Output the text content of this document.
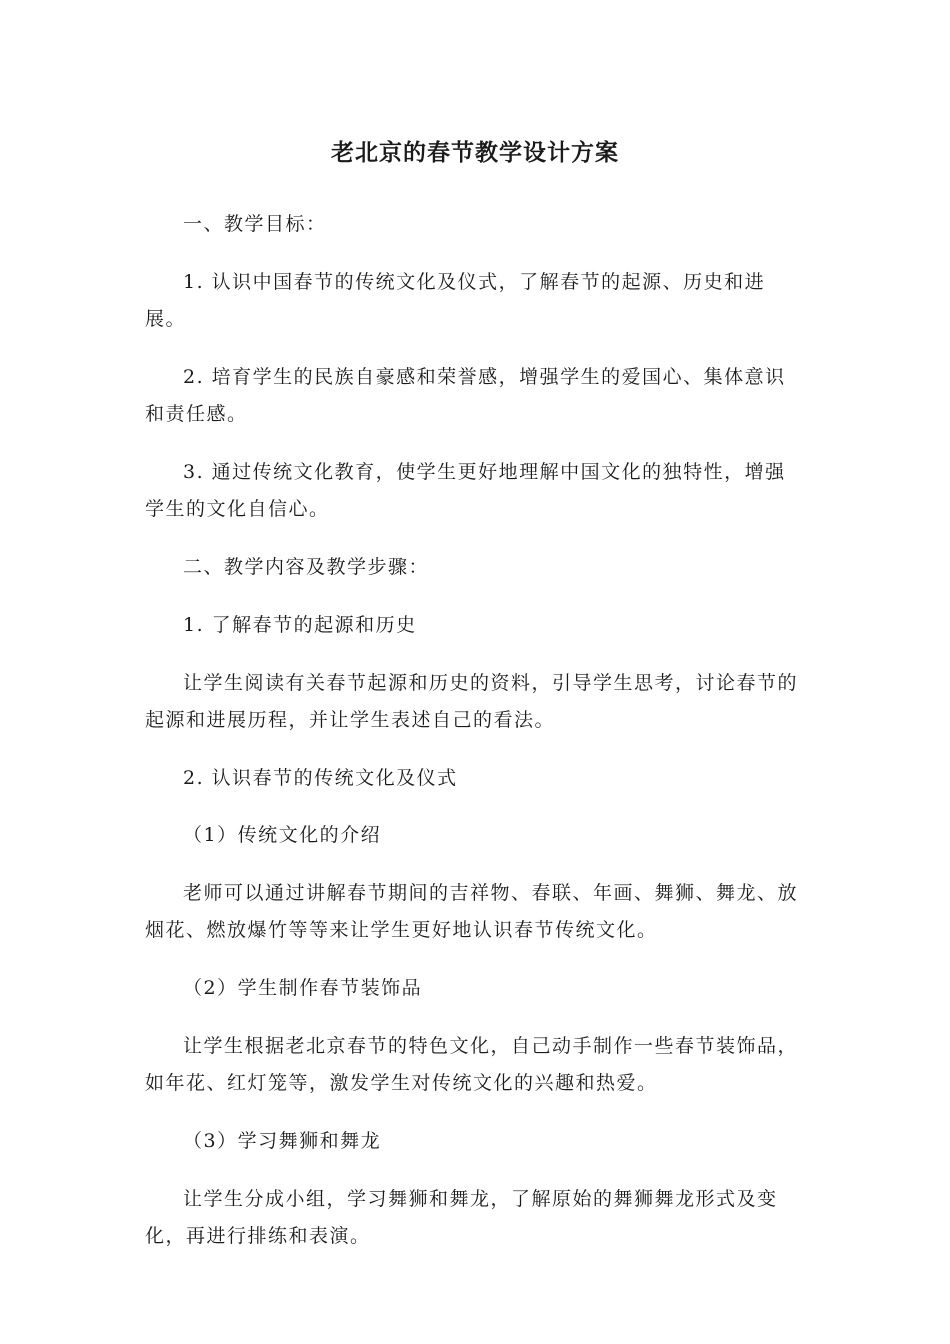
老北京的春节教学设计方案

一、教学目标：

1. 认识中国春节的传统文化及仪式，了解春节的起源、历史和进展。

2. 培育学生的民族自豪感和荣誉感，增强学生的爱国心、集体意识和责任感。

3. 通过传统文化教育，使学生更好地理解中国文化的独特性，增强学生的文化自信心。

二、教学内容及教学步骤：

1. 了解春节的起源和历史

让学生阅读有关春节起源和历史的资料，引导学生思考，讨论春节的起源和进展历程，并让学生表述自己的看法。

2. 认识春节的传统文化及仪式

（1）传统文化的介绍

老师可以通过讲解春节期间的吉祥物、春联、年画、舞狮、舞龙、放烟花、燃放爆竹等等来让学生更好地认识春节传统文化。

（2）学生制作春节装饰品

让学生根据老北京春节的特色文化，自己动手制作一些春节装饰品，如年花、红灯笼等，激发学生对传统文化的兴趣和热爱。

（3）学习舞狮和舞龙

让学生分成小组，学习舞狮和舞龙，了解原始的舞狮舞龙形式及变化，再进行排练和表演。
